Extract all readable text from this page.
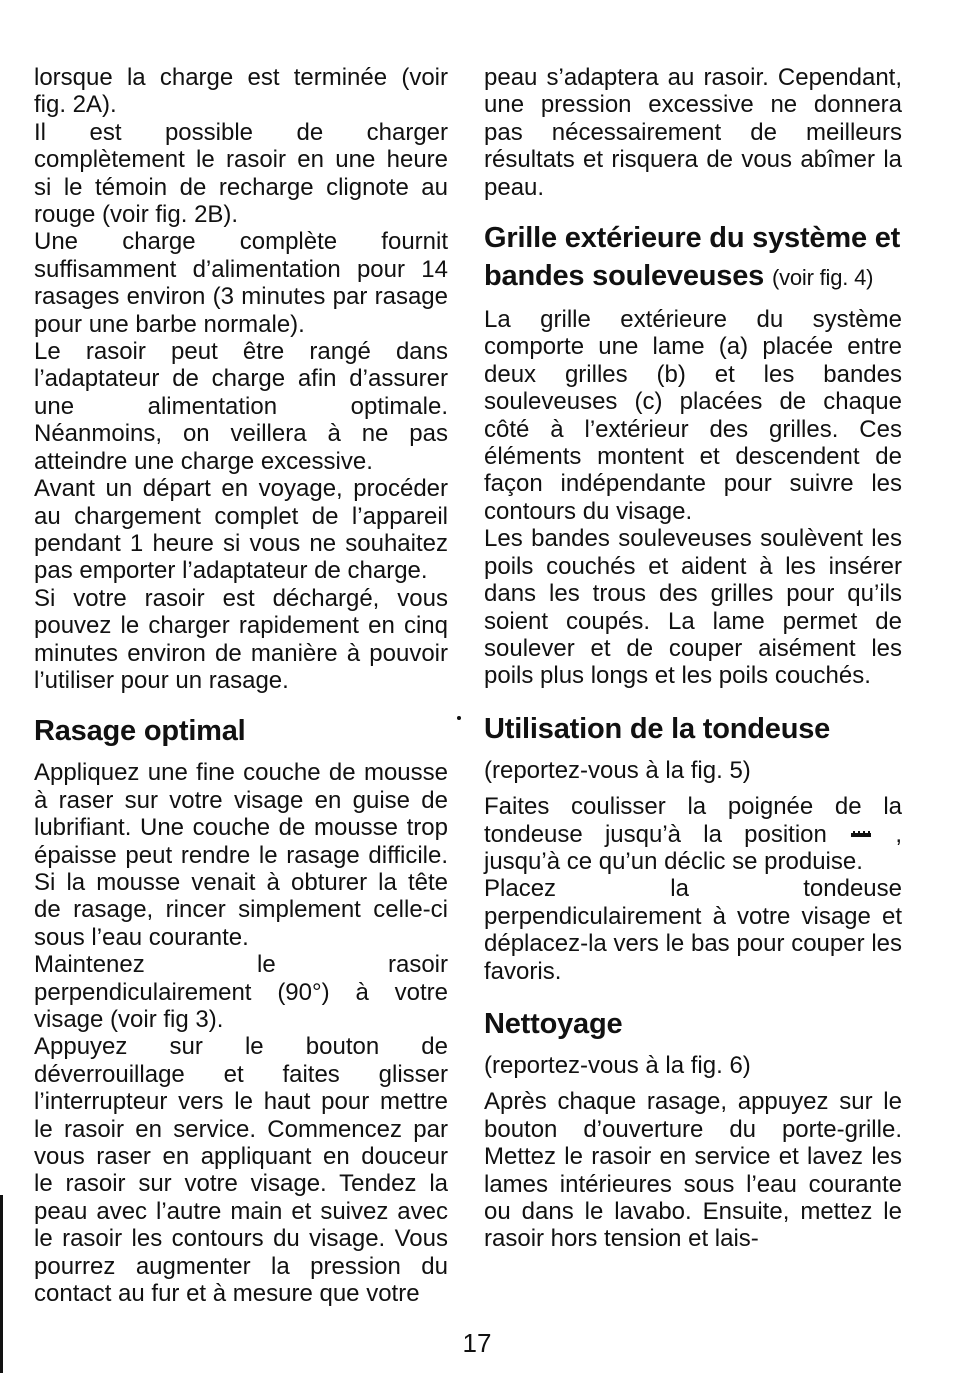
lorsque la charge est terminée (voir fig. 2A).

Il est possible de charger complètement le rasoir en une heure si le témoin de recharge clignote au rouge (voir fig. 2B).

Une charge complète fournit suffisamment d’alimentation pour 14 rasages environ (3 minutes par rasage pour une barbe normale).

Le rasoir peut être rangé dans l’adaptateur de charge afin d’assurer une alimentation optimale. Néanmoins, on veillera à ne pas atteindre une charge excessive.

Avant un départ en voyage, procéder au chargement complet de l’appareil pendant 1 heure si vous ne souhaitez pas emporter l’adaptateur de charge.

Si votre rasoir est déchargé, vous pouvez le charger rapidement en cinq minutes environ de manière à pouvoir l’utiliser pour un rasage.

Rasage optimal

Appliquez une fine couche de mousse à raser sur votre visage en guise de lubrifiant. Une couche de mousse trop épaisse peut rendre le rasage difficile. Si la mousse venait à obturer la tête de rasage, rincer simplement celle-ci sous l’eau courante.

Maintenez le rasoir perpendiculairement (90°) à votre visage (voir fig 3).

Appuyez sur le bouton de déverrouillage et faites glisser l’interrupteur vers le haut pour mettre le rasoir en service. Commencez par vous raser en appliquant en douceur le rasoir sur votre visage. Tendez la peau avec l’autre main et suivez avec le rasoir les contours du visage. Vous pourrez augmenter la pression du contact au fur et à mesure que votre

peau s’adaptera au rasoir. Cependant, une pression excessive ne donnera pas nécessairement de meilleurs résultats et risquera de vous abîmer la peau.

Grille extérieure du système et bandes souleveuses (voir fig. 4)

La grille extérieure du système comporte une lame (a) placée entre deux grilles (b) et les bandes souleveuses (c) placées de chaque côté à l’extérieur des grilles. Ces éléments montent et descendent de façon indépendante pour suivre les contours du visage.

Les bandes souleveuses soulèvent les poils couchés et aident à les insérer dans les trous des grilles pour qu’ils soient coupés. La lame permet de soulever et de couper aisément les poils plus longs et les poils couchés.

Utilisation de la tondeuse

(reportez-vous à la fig. 5)

Faites coulisser la poignée de la tondeuse jusqu’à la position	, jusqu’à ce qu’un déclic se produise.

Placez la tondeuse perpendiculairement à votre visage et déplacez-la vers le bas pour couper les favoris.

Nettoyage

(reportez-vous à la fig. 6)

Après chaque rasage, appuyez sur le bouton d’ouverture du porte-grille. Mettez le rasoir en service et lavez les lames intérieures sous l’eau courante ou dans le lavabo. Ensuite, mettez le rasoir hors tension et lais-

17
